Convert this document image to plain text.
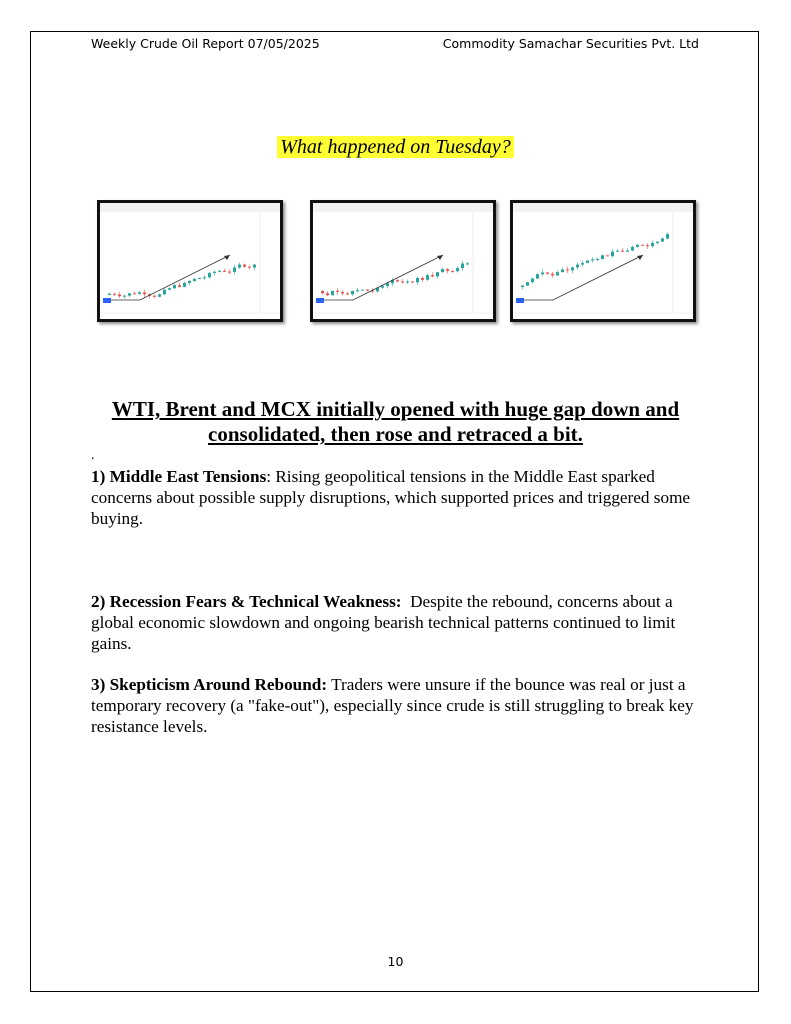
Weekly Crude Oil Report 07/05/2025	Commodity Samachar Securities Pvt. Ltd
What happened on Tuesday?
WTI, Brent and MCX initially opened with huge gap down and consolidated, then rose and retraced a bit.
.
1) Middle East Tensions: Rising geopolitical tensions in the Middle East sparked concerns about possible supply disruptions, which supported prices and triggered some buying.
2) Recession Fears & Technical Weakness: Despite the rebound, concerns about a global economic slowdown and ongoing bearish technical patterns continued to limit gains.
3) Skepticism Around Rebound: Traders were unsure if the bounce was real or just a temporary recovery (a "fake-out"), especially since crude is still struggling to break key resistance levels.
10
